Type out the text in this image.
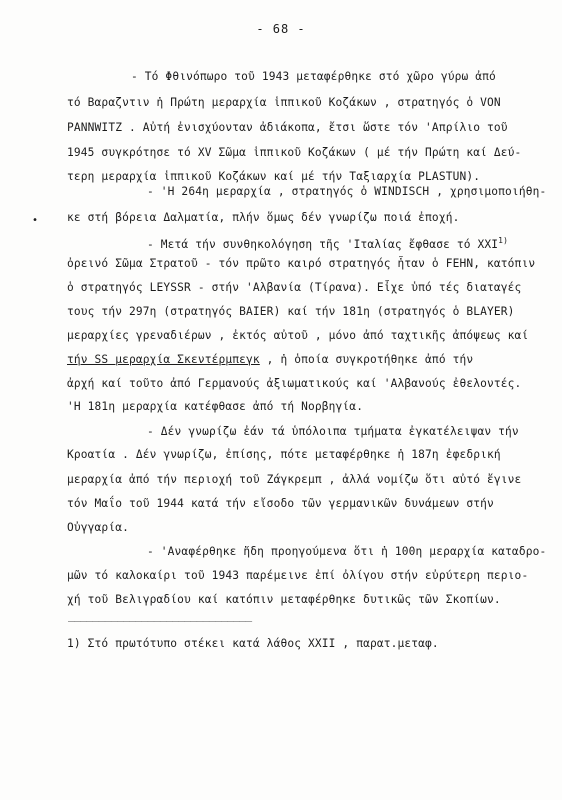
- 68 -
•
- Τό Φθινόπωρο τοῦ 1943 μεταφέρθηκε στό χῶρο γύρω ἀπό
τό Βαραζντιν ἡ Πρώτη μεραρχία ἱππικοῦ Κοζάκων , στρατηγός ὁ VON
PANNWITZ . Αὐτή ἐνισχύονταν ἀδιάκοπα, ἔτσι ὥστε τόν 'Απρίλιο τοῦ
1945 συγκρότησε τό XV Σῶμα ἱππικοῦ Κοζάκων ( μέ τήν Πρώτη καί Δεύ-
τερη μεραρχία ἱππικοῦ Κοζάκων καί μέ τήν Ταξιαρχία PLASTUN).
- 'Η 264η μεραρχία , στρατηγός ὁ WINDISCH , χρησιμοποιήθη-
κε στή βόρεια Δαλματία, πλήν ὅμως δέν γνωρίζω ποιά ἐποχή.
- Μετά τήν συνθηκολόγηση τῆς 'Ιταλίας ἔφθασε τό XXI$^{1)}$
ὀρεινό Σῶμα Στρατοῦ - τόν πρῶτο καιρό στρατηγός ἦταν ὁ FEHN, κατόπιν
ὁ στρατηγός LEYSSR - στήν 'Αλβανία (Τίρανα). Εἶχε ὑπό τές διαταγές
τους τήν 297η (στρατηγός BAIER) καί τήν 181η (στρατηγός ὁ BLAYER)
μεραρχίες γρεναδιέρων , ἐκτός αὐτοῦ , μόνο ἀπό ταχτικῆς ἀπόψεως καί
τήν SS μεραρχία Σκεντέρμπεγκ , ἡ ὁποία συγκροτήθηκε ἀπό τήν
ἀρχή καί τοῦτο ἀπό Γερμανούς ἀξιωματικούς καί 'Αλβανούς ἐθελοντές.
'Η 181η μεραρχία κατέφθασε ἀπό τή Νορβηγία.
- Δέν γνωρίζω ἐάν τά ὑπόλοιπα τμήματα ἐγκατέλειψαν τήν
Κροατία . Δέν γνωρίζω, ἐπίσης, πότε μεταφέρθηκε ἡ 187η ἐφεδρική
μεραρχία ἀπό τήν περιοχή τοῦ Ζάγκρεμπ , ἀλλά νομίζω ὅτι αὐτό ἔγινε
τόν Μαΐο τοῦ 1944 κατά τήν εἴσοδο τῶν γερμανικῶν δυνάμεων στήν
Οὐγγαρία.
- 'Αναφέρθηκε ἤδη προηγούμενα ὅτι ἡ 100η μεραρχία καταδρο-
μῶν τό καλοκαίρι τοῦ 1943 παρέμεινε ἐπί ὀλίγου στήν εὐρύτερη περιο-
χή τοῦ Βελιγραδίου καί κατόπιν μεταφέρθηκε δυτικῶς τῶν Σκοπίων.
______________________________
1) Στό πρωτότυπο στέκει κατά λάθος XXII , παρατ.μεταφ.
